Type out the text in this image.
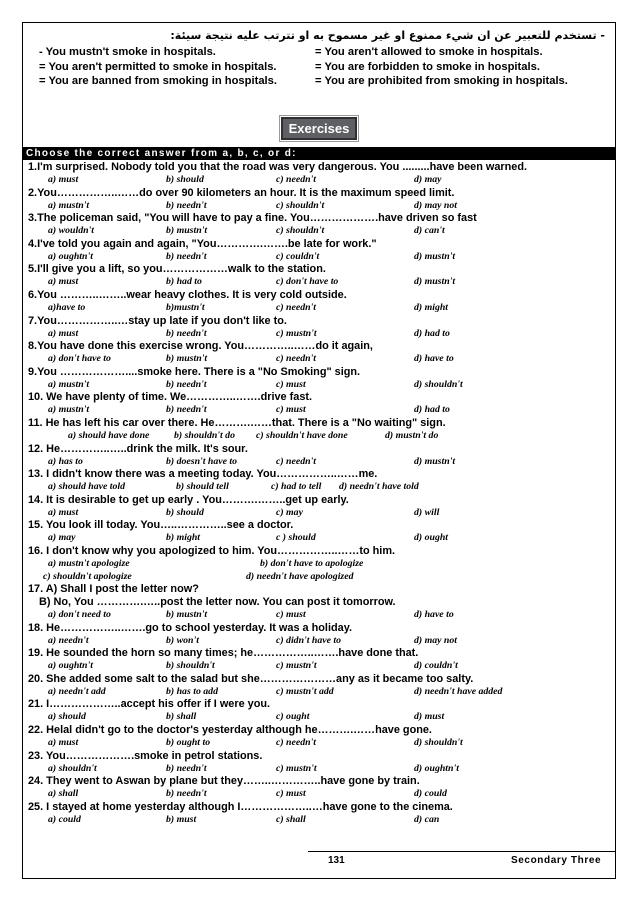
- تستخدم للتعبير عن ان شيء ممنوع او غير مسموح به او تترتب عليه نتيجة سيئة:
- You mustn't smoke in hospitals.	= You aren't allowed to smoke in hospitals.
= You aren't permitted to smoke in hospitals.	= You are forbidden to smoke in hospitals.
= You are banned from smoking in hospitals.	= You are prohibited from smoking in hospitals.
Exercises
Choose the correct answer from a, b, c, or d:
1.I'm surprised. Nobody told you that the road was very dangerous. You .........have been warned.
a) must	b) should	c) needn't	d) may
2.You……………..……do over 90 kilometers an hour. It is the maximum speed limit.
a) mustn't	b) needn't	c) shouldn't	d) may not
3.The policeman said, "You will have to pay a fine. You……………….have driven so fast
a) wouldn't	b) mustn't	c) shouldn't	d) can't
4.I've told you again and again, "You………….…….be late for work."
a) oughtn't	b) needn't	c) couldn't	d) mustn't
5.I'll give you a lift, so you………………walk to the station.
a) must	b) had to	c) don't have to	d) mustn't
6.You ………..……..wear heavy clothes. It is very cold outside.
a)have to	b)mustn't	c) needn't	d) might
7.You……………..…stay up late if you don't like to.
a) must	b) needn't	c) mustn't	d) had to
8.You have done this exercise wrong. You…………..……do it again,
a) don't have to	b) mustn't	c) needn't	d) have to
9.You ………………....smoke here. There is a "No Smoking" sign.
a) mustn't	b) needn't	c) must	d) shouldn't
10. We have plenty of time. We…………..…….drive fast.
a) mustn't	b) needn't	c) must	d) had to
11. He has left his car over there. He……….……that. There is a "No waiting" sign.
a) should have done	b) shouldn't do c) shouldn't have done	d) mustn't do
12. He…………..…..drink the milk. It's sour.
a) has to	b) doesn't have to	c) needn't	d) mustn't
13. I didn't know there was a meeting today. You……………..……me.
a) should have told	b) should tell	c) had to tell d) needn't have told
14. It is desirable to get up early . You……….……..get up early.
a) must	b) should	c) may	d) will
15. You look ill today. You…..…………..see a doctor.
a) may	b) might	c ) should	d) ought
16. I don't know why you apologized to him. You……………..……to him.
a) mustn't apologize	b) don't have to apologize
c) shouldn't apologize	d) needn't have apologized
17. A) Shall I post the letter now?
B) No, You ………….…..post the letter now. You can post it tomorrow.
a) don't need to	b) mustn't	c) must	d) have to
18. He……………..…….go to school yesterday. It was a holiday.
a) needn't	b) won't	c) didn't have to	d) may not
19. He sounded the horn so many times; he……………..…….have done that.
a) oughtn't	b) shouldn't	c) mustn't	d) couldn't
20. She added some salt to the salad but she…………………any as it became too salty.
a) needn't add	b) has to add	c) mustn't add	d) needn't have added
21. I………………..accept his offer if I were you.
a) should	b) shall	c) ought	d) must
22. Helal didn't go to the doctor's yesterday although he……….……have gone.
a) must	b) ought to	c) needn't	d) shouldn't
23. You……………….smoke in petrol stations.
a) shouldn't	b) needn't	c) mustn't	d) oughtn't
24. They went to Aswan by plane but they……..…………..have gone by train.
a) shall	b) needn't	c) must	d) could
25. I stayed at home yesterday although I………………..…have gone to the cinema.
a) could	b) must	c) shall	d) can
131	Secondary Three
